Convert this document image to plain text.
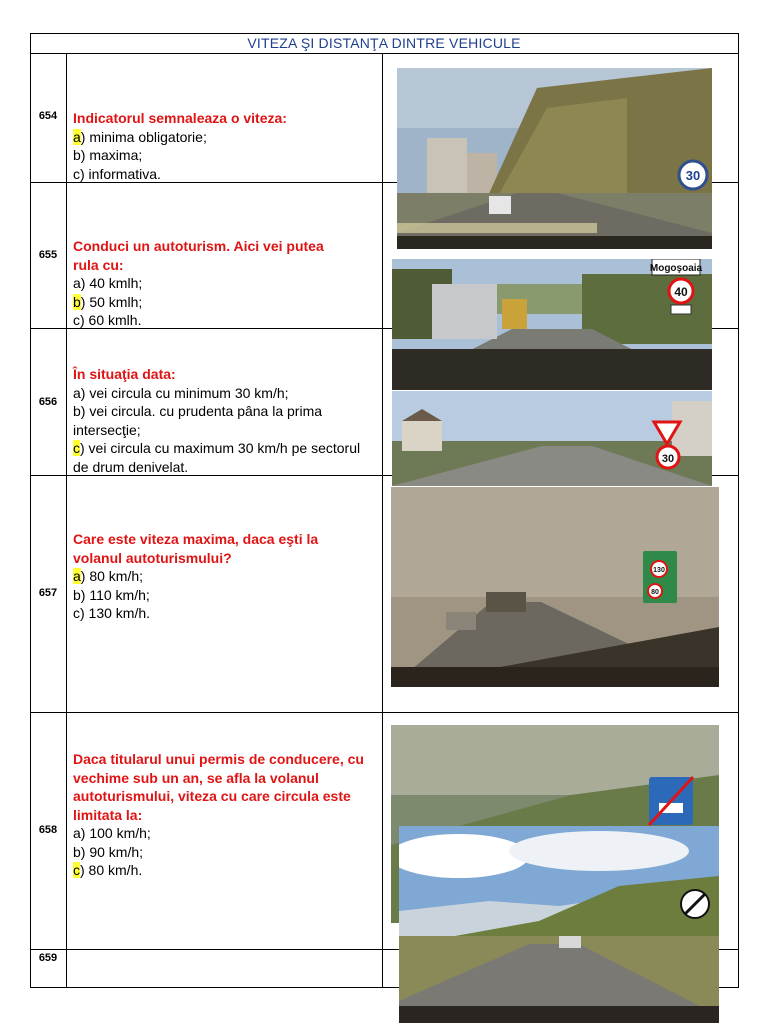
VITEZA ŞI DISTANŢA DINTRE VEHICULE
654
655
656
657
658
659
Indicatorul semnaleaza o viteza:
a) minima obligatorie;
b) maxima;
c) informativa.
Conduci un autoturism. Aici vei putea rula cu:
a) 40 kmlh;
b) 50 kmlh;
c) 60 kmlh.
În situaţia data:
a) vei circula cu minimum 30 km/h;
b) vei circula. cu prudenta pâna la prima intersecţie;
c) vei circula cu maximum 30 km/h pe sectorul de drum denivelat.
Care este viteza maxima, daca eşti la volanul autoturismului?
a) 80 km/h;
b) 110 km/h;
c) 130 km/h.
Daca titularul unui permis de conducere, cu vechime sub un an, se afla la volanul autoturismului, viteza cu care circula este limitata la:
a) 100 km/h;
b) 90 km/h;
c) 80 km/h.
30
Mogoşoaia
40
30
130
80
